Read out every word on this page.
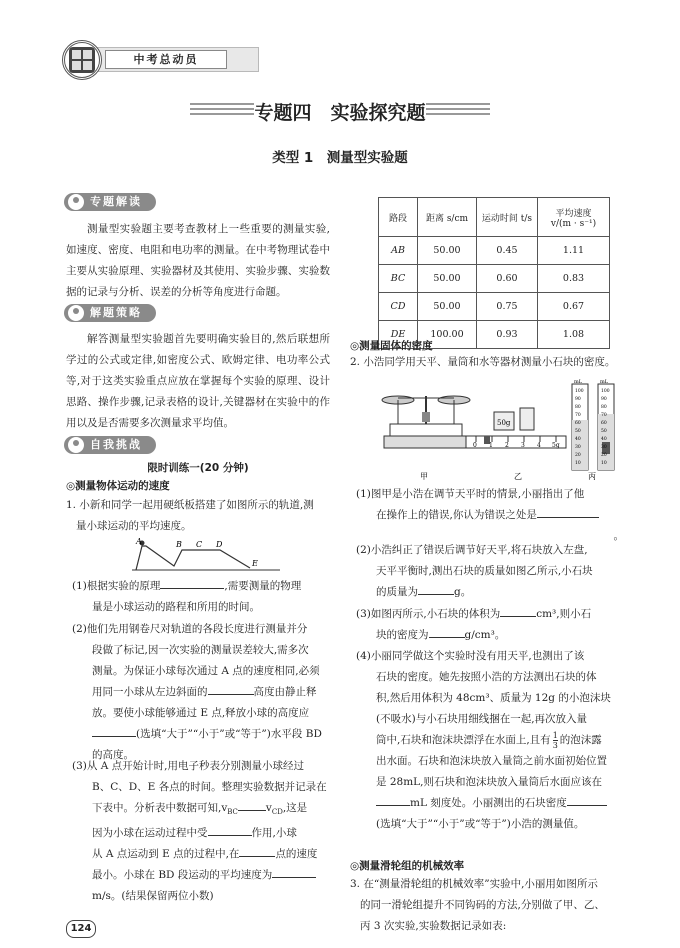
中考总动员
专题四　实验探究题
类型 1　测量型实验题
专题解读
测量型实验题主要考查教材上一些重要的测量实验,如速度、密度、电阻和电功率的测量。在中考物理试卷中主要从实验原理、实验器材及其使用、实验步骤、实验数据的记录与分析、误差的分析等角度进行命题。
解题策略
解答测量型实验题首先要明确实验目的,然后联想所学过的公式或定律,如密度公式、欧姆定律、电功率公式等,对于这类实验重点应放在掌握每个实验的原理、设计思路、操作步骤,记录表格的设计,关键器材在实验中的作用以及是否需要多次测量求平均值。
自我挑战
限时训练一(20 分钟)
◎测量物体运动的速度
1. 小新和同学一起用硬纸板搭建了如图所示的轨道,测
量小球运动的平均速度。
A	B C D
E
(1)根据实验的原理	,需要测量的物理
量是小球运动的路程和所用的时间。
(2)他们先用钢卷尺对轨道的各段长度进行测量并分
段做了标记,因一次实验的测量误差较大,需多次
测量。为保证小球每次通过 A 点的速度相同,必须
用同一小球从左边斜面的	高度由静止释
放。要使小球能够通过 E 点,释放小球的高度应
(选填“大于”“小于”或“等于”)水平段 BD
的高度。
(3)从 A 点开始计时,用电子秒表分别测量小球经过
B、C、D、E 各点的时间。整理实验数据并记录在
下表中。分析表中数据可知$,v_{BC}$	$v_{CD}$,这是
因为小球在运动过程中受	作用,小球
从 A 点运动到 E 点的过程中,在	点的速度
最小。小球在 BD 段运动的平均速度为
m/s。(结果保留两位小数)
路段	距离 s/cm	运动时间 t/s	平均速度
v/(m · s⁻¹)

AB	50.00	0.45	1.11
BC	50.00	0.60	0.83
CD	50.00	0.75	0.67
DE	100.00	0.93	1.08
◎测量固体的密度
2. 小浩同学用天平、量筒和水等器材测量小石块的密度。
0 1 2 3 4 5g
50g
mL	mL
100
90
80
70
60
50
40
30
20
10
100
90
80
70
60
50
40
30
20
10
甲	乙	丙
(1)图甲是小浩在调节天平时的情景,小丽指出了他
在操作上的错误,你认为错误之处是
。
(2)小浩纠正了错误后调节好天平,将石块放入左盘,
天平平衡时,测出石块的质量如图乙所示,小石块
的质量为	g。
(3)如图丙所示,小石块的体积为	cm³,则小石
块的密度为	g/cm³。
(4)小丽同学做这个实验时没有用天平,也测出了该
石块的密度。她先按照小浩的方法测出石块的体
积,然后用体积为 48cm³、质量为 12g 的小泡沫块
(不吸水)与小石块用细线捆在一起,再次放入量
筒中,石块和泡沫块漂浮在水面上,且有 $\frac{1}{3}$ 的泡沫露
出水面。石块和泡沫块放入量筒之前水面初始位置
是 28mL,则石块和泡沫块放入量筒后水面应该在
mL 刻度处。小丽测出的石块密度
(选填“大于”“小于”或“等于”)小浩的测量值。
◎测量滑轮组的机械效率
3. 在“测量滑轮组的机械效率”实验中,小丽用如图所示
的同一滑轮组提升不同钩码的方法,分别做了甲、乙、
丙 3 次实验,实验数据记录如表:
124
